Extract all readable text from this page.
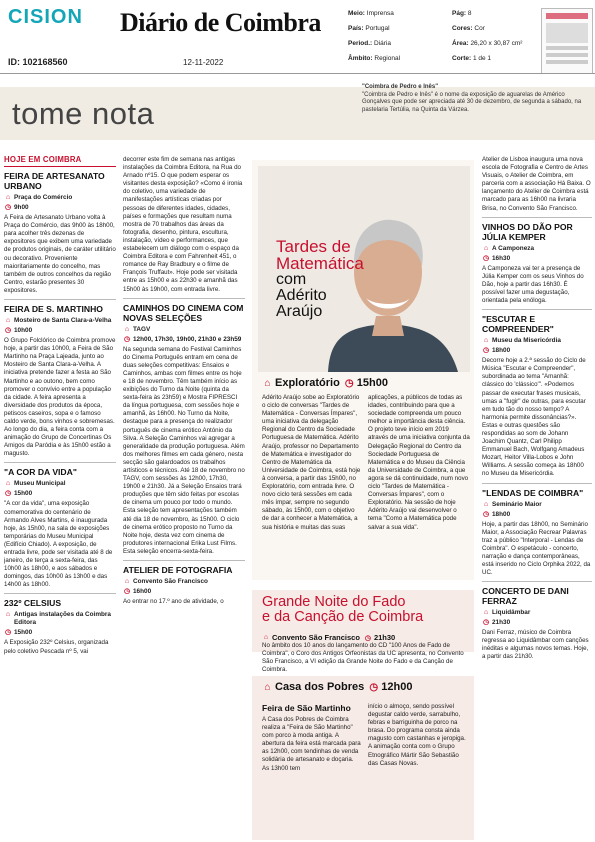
CISION Diário de Coimbra
ID: 102168560	12-11-2022
Meio: Imprensa
País: Portugal
Period.: Diária
Âmbito: Regional
Pág: 8
Cores: Cor
Área: 26,20 x 30,87 cm²
Corte: 1 de 1
tome nota
"Coimbra de Pedro e Inês"
"Coimbra de Pedro e Inês" é o nome da exposição de aguarelas de Américo Gonçalves que pode ser apreciada até 30 de dezembro, de segunda a sábado, na pastelaria Tertúlia, na Quinta da Várzea.
HOJE EM COIMBRA
FEIRA DE ARTESANATO URBANO
⌂ Praça do Comércio
◷ 9h00

A Feira de Artesanato Urbano volta à Praça do Comércio, das 9h00 às 18h00, para acolher três dezenas de expositores que exibem uma variedade de produtos originais, de caráter utilitário ou decorativo. Proveniente maioritariamente do concelho, mas também de outros concelhos da região Centro, estarão presentes 30 expositores.

FEIRA DE S. MARTINHO
⌂ Mosteiro de Santa Clara-a-Velha
◷ 10h00

O Grupo Folclórico de Coimbra promove hoje, a partir das 10h00, a Feira de São Martinho na Praça Lajeada, junto ao Mosteiro de Santa Clara-a-Velha. A iniciativa pretende fazer a festa ao São Martinho e ao outono, bem como promover o convívio entre a população da cidade. A feira apresenta a diversidade dos produtos da época, petiscos caseiros, sopa e o famoso caldo verde, bons vinhos e sobremesas. Ao longo do dia, a feira conta com a animação do Grupo de Concertinas Os Amigos da Paródia e às 15h00 estão a magusto.

"A COR DA VIDA"
⌂ Museu Municipal
◷ 15h00

"A cor da vida", uma exposição comemorativa do centenário de Armando Alves Martins, é inaugurada hoje, às 15h00, na sala de exposições temporárias do Museu Municipal (Edifício Chiado). A exposição, de entrada livre, pode ser visitada até 8 de janeiro, de terça a sexta-feira, das 10h00 às 18h00, e aos sábados e domingos, das 10h00 às 13h00 e das 14h00 às 18h00.

232º CELSIUS
⌂ Antigas instalações da Coimbra Editora
◷ 15h00

A Exposição 232º Celsius, organizada pelo coletivo Pescada nº 5, vai

decorrer este fim de semana nas antigas instalações da Coimbra Editora, na Rua do Arnado nº15. O que podem esperar os visitantes desta exposição? «Como é ironia do coletivo, uma variedade de manifestações artísticas criadas por pessoas de diferentes idades, cidades, países e formações que resultam numa mostra de 70 trabalhos das áreas da fotografia, desenho, pintura, escultura, instalação, vídeo e performances, que estabelecem um diálogo com o espaço da Coimbra Editora e com Fahrenheit 451, o romance de Ray Bradbury e o filme de François Truffaut». Hoje pode ser visitada entre as 15h00 e as 22h30 e amanhã das 15h00 às 19h00, com entrada livre.

CAMINHOS DO CINEMA COM NOVAS SELEÇÕES
⌂ TAGV
◷ 12h00, 17h30, 19h00, 21h30 e 23h59

Na segunda semana do Festival Caminhos do Cinema Português entram em cena de duas seleções competitivas: Ensaios e Caminhos, ambas com filmes entre os hoje e 18 de novembro. Têm também início as exibições do Turno da Noite (quinta da sexta-feira às 23h59) e Mostra FIPRESCI da língua portuguesa, com sessões hoje e amanhã, às 16h00. No Turno da Noite, destaque para a presença do realizador português de cinema erótico António da Silva. A Seleção Caminhos vai agregar a generalidade da produção portuguesa. Além dos melhores filmes em cada género, nesta secção são galardoados os trabalhos artísticos e técnicos. Até 18 de novembro no TAGV, com sessões às 12h00, 17h30, 19h00 e 21h30. Já a Seleção Ensaios trará produções que têm sido feitas por escolas de cinema um pouco por todo o mundo. Esta seleção tem apresentações também até dia 18 de novembro, às 15h00. O ciclo de cinema erótico proposto no Turno da Noite hoje, desta vez com cinema de produtores internacional Erika Lust Films. Esta seleção encerra-sexta-feira.

ATELIER DE FOTOGRAFIA
⌂ Convento São Francisco
◷ 16h00

Ao entrar no 17.º ano de atividade, o

Tardes de
Matemática
com
Adérito
Araújo
⌂ Exploratório ◷ 15h00

Adérito Araújo sobe ao Exploratório o ciclo de conversas "Tardes de Matemática - Conversas Ímpares", uma iniciativa da delegação Regional do Centro da Sociedade Portuguesa de Matemática. Adérito Araújo, professor no Departamento de Matemática e investigador do Centro de Matemática da Universidade de Coimbra, está hoje à conversa, a partir das 15h00, no Exploratório, com entrada livre. O novo ciclo terá sessões em cada mês ímpar, sempre no segundo sábado, às 15h00, com o objetivo de dar a conhecer a Matemática, a sua história e muitas das suas

aplicações, a públicos de todas as idades, contribuindo para que a sociedade compreenda um pouco melhor a importância desta ciência. O projeto teve início em 2019 através de uma iniciativa conjunta da Delegação Regional do Centro da Sociedade Portuguesa de Matemática e do Museu da Ciência da Universidade de Coimbra, a que agora se dá continuidade, num novo ciclo "Tardes de Matemática - Conversas Ímpares", com o Exploratório. Na sessão de hoje Adérito Araújo vai desenvolver o tema "Como a Matemática pode salvar a sua vida".

Grande Noite do Fado
e da Canção de Coimbra
⌂ Convento São Francisco ◷ 21h30

No âmbito dos 10 anos do lançamento do CD "100 Anos de Fado de Coimbra", o Coro dos Antigos Orfeonistas da UC apresenta, no Convento São Francisco, a VI edição da Grande Noite do Fado e da Canção de Coimbra.

⌂ Casa dos Pobres ◷ 12h00
Feira de São Martinho

A Casa dos Pobres de Coimbra realiza a "Feira de São Martinho" com porco à moda antiga. A abertura da feira está marcada para as 12h00, com tendinhas de venda solidária de artesanato e doçaria. As 13h00 tem

início o almoço, sendo possível degustar caldo verde, sarrabulho, febras e barriguinha de porco na brasa. Do programa consta ainda magusto com castanhas e jeropiga. A animação conta com o Grupo Etnográfico Mártir São Sebastião das Casas Novas.

Atelier de Lisboa inaugura uma nova escola de Fotografia e Centro de Artes Visuais, o Atelier de Coimbra, em parceria com a associação Há Baixa. O lançamento do Atelier de Coimbra está marcado para as 16h00 na livraria Brisa, no Convento São Francisco.

VINHOS DO DÃO POR JÚLIA KEMPER
⌂ A Camponeza
◷ 16h30

A Camponeza vai ter a presença de Júlia Kemper com os seus Vinhos do Dão, hoje a partir das 16h30. É possível fazer uma degustação, orientada pela enóloga.

"ESCUTAR E COMPREENDER"
⌂ Museu da Misericórdia
◷ 18h00

Decorre hoje a 2.ª sessão do Ciclo de Música "Escutar e Compreender", subordinada ao tema "Amanhã: clássico do 'clássico'". «Podemos passar de executar frases musicais, umas a "fugir" de outras, para escutar em tudo tão do nosso tempo? A harmonia permite dissonâncias?». Estas e outras questões são respondidas ao som de Johann Joachim Quantz, Carl Philipp Emmanuel Bach, Wolfgang Amadeus Mozart, Heitor Villa-Lobos e John Williams. A sessão começa às 18h00 no Museu da Misericórdia.

"LENDAS DE COIMBRA"
⌂ Seminário Maior
◷ 18h00

Hoje, a partir das 18h00, no Seminário Maior, a Associação Recrear Palavras traz a público "Interporal - Lendas de Coimbra". O espetáculo - concerto, narração e dança contemporâneas, está inserido no Ciclo Orphika 2022, da UC.

CONCERTO DE DANI FERRAZ
⌂ Liquidâmbar
◷ 21h30

Dani Ferraz, músico de Coimbra regressa ao Liquidâmbar com canções inéditas e algumas novos temas. Hoje, a partir das 21h30.
